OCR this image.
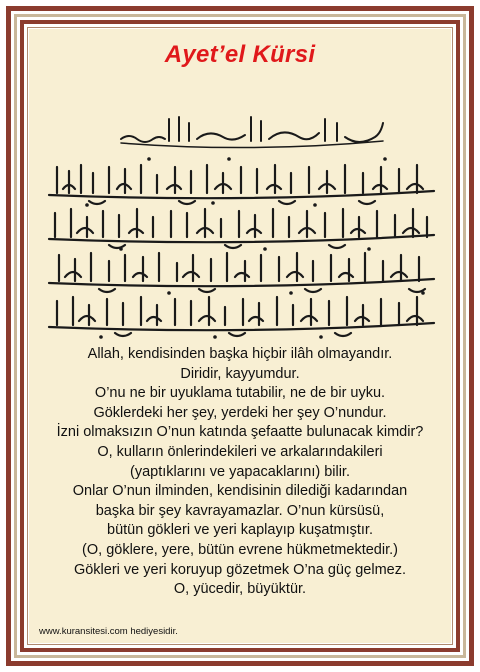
Ayet’el Kürsi
Allah, kendisinden başka hiçbir ilâh olmayandır.
Diridir, kayyumdur.
O’nu ne bir uyuklama tutabilir, ne de bir uyku.
Göklerdeki her şey, yerdeki her şey O’nundur.
İzni olmaksızın O’nun katında şefaatte bulunacak kimdir?
O, kulların önlerindekileri ve arkalarındakileri
(yaptıklarını ve yapacaklarını) bilir.
Onlar O’nun ilminden, kendisinin dilediği kadarından
başka bir şey kavrayamazlar. O’nun kürsüsü,
bütün gökleri ve yeri kaplayıp kuşatmıştır.
(O, göklere, yere, bütün evrene hükmetmektedir.)
Gökleri ve yeri koruyup gözetmek O’na güç gelmez.
O, yücedir, büyüktür.
www.kuransitesi.com hediyesidir.
